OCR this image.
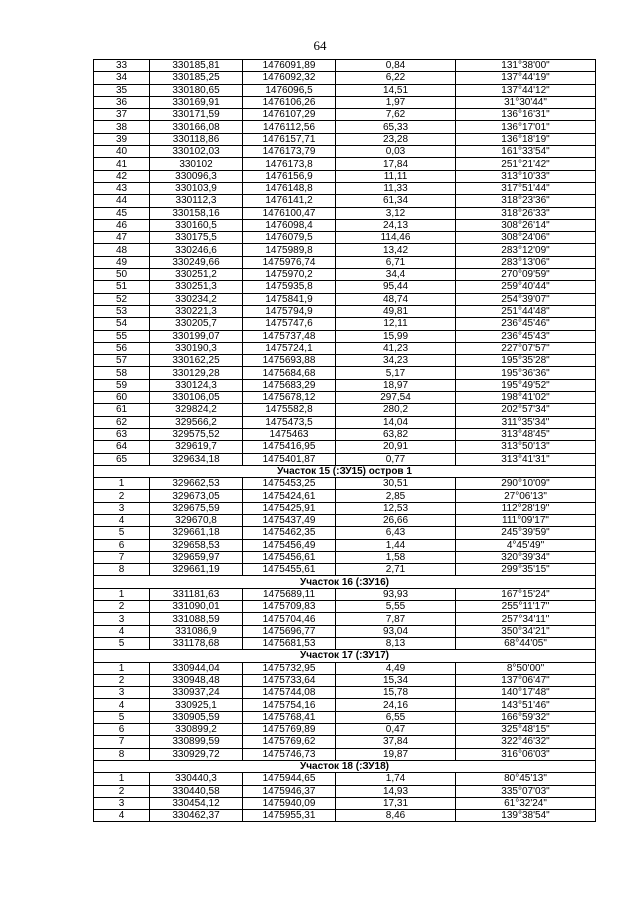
64
33	330185,81	1476091,89	0,84	131°38'00"
34	330185,25	1476092,32	6,22	137°44'19"
35	330180,65	1476096,5	14,51	137°44'12"
36	330169,91	1476106,26	1,97	31°30'44"
37	330171,59	1476107,29	7,62	136°16'31"
38	330166,08	1476112,56	65,33	136°17'01"
39	330118,86	1476157,71	23,28	136°18'19"
40	330102,03	1476173,79	0,03	161°33'54"
41	330102	1476173,8	17,84	251°21'42"
42	330096,3	1476156,9	11,11	313°10'33"
43	330103,9	1476148,8	11,33	317°51'44"
44	330112,3	1476141,2	61,34	318°23'36"
45	330158,16	1476100,47	3,12	318°26'33"
46	330160,5	1476098,4	24,13	308°26'14"
47	330175,5	1476079,5	114,46	308°24'06"
48	330246,6	1475989,8	13,42	283°12'09"
49	330249,66	1475976,74	6,71	283°13'06"
50	330251,2	1475970,2	34,4	270°09'59"
51	330251,3	1475935,8	95,44	259°40'44"
52	330234,2	1475841,9	48,74	254°39'07"
53	330221,3	1475794,9	49,81	251°44'48"
54	330205,7	1475747,6	12,11	236°45'46"
55	330199,07	1475737,48	15,99	236°45'43"
56	330190,3	1475724,1	41,23	227°07'57"
57	330162,25	1475693,88	34,23	195°35'28"
58	330129,28	1475684,68	5,17	195°36'36"
59	330124,3	1475683,29	18,97	195°49'52"
60	330106,05	1475678,12	297,54	198°41'02"
61	329824,2	1475582,8	280,2	202°57'34"
62	329566,2	1475473,5	14,04	311°35'34"
63	329575,52	1475463	63,82	313°48'45"
64	329619,7	1475416,95	20,91	313°50'13"
65	329634,18	1475401,87	0,77	313°41'31"
Участок 15 (:ЗУ15) остров 1				
1	329662,53	1475453,25	30,51	290°10'09"
2	329673,05	1475424,61	2,85	27°06'13"
3	329675,59	1475425,91	12,53	112°28'19"
4	329670,8	1475437,49	26,66	111°09'17"
5	329661,18	1475462,35	6,43	245°39'59"
6	329658,53	1475456,49	1,44	4°45'49"
7	329659,97	1475456,61	1,58	320°39'34"
8	329661,19	1475455,61	2,71	299°35'15"
Участок 16 (:ЗУ16)				
1	331181,63	1475689,11	93,93	167°15'24"
2	331090,01	1475709,83	5,55	255°11'17"
3	331088,59	1475704,46	7,87	257°34'11"
4	331086,9	1475696,77	93,04	350°34'21"
5	331178,68	1475681,53	8,13	68°44'05"
Участок 17 (:ЗУ17)				
1	330944,04	1475732,95	4,49	8°50'00"
2	330948,48	1475733,64	15,34	137°06'47"
3	330937,24	1475744,08	15,78	140°17'48"
4	330925,1	1475754,16	24,16	143°51'46"
5	330905,59	1475768,41	6,55	166°59'32"
6	330899,2	1475769,89	0,47	325°48'15"
7	330899,59	1475769,62	37,84	322°46'32"
8	330929,72	1475746,73	19,87	316°06'03"
Участок 18 (:ЗУ18)				
1	330440,3	1475944,65	1,74	80°45'13"
2	330440,58	1475946,37	14,93	335°07'03"
3	330454,12	1475940,09	17,31	61°32'24"
4	330462,37	1475955,31	8,46	139°38'54"
